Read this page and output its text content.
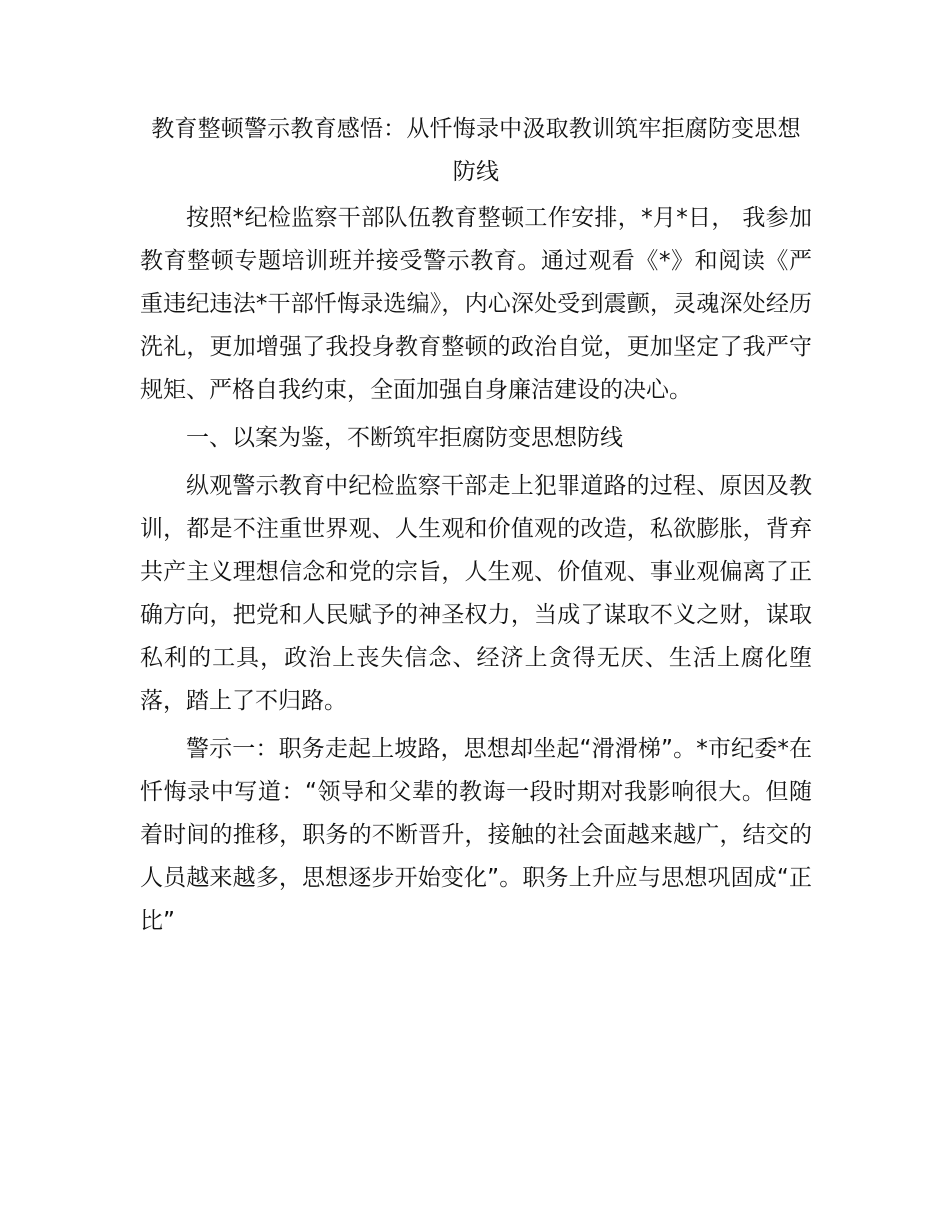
教育整顿警示教育感悟：从忏悔录中汲取教训筑牢拒腐防变思想防线

按照*纪检监察干部队伍教育整顿工作安排，*月*日， 我参加教育整顿专题培训班并接受警示教育。通过观看《*》和阅读《严重违纪违法*干部忏悔录选编》，内心深处受到震颤，灵魂深处经历洗礼，更加增强了我投身教育整顿的政治自觉，更加坚定了我严守规矩、严格自我约束，全面加强自身廉洁建设的决心。

一、以案为鉴，不断筑牢拒腐防变思想防线

纵观警示教育中纪检监察干部走上犯罪道路的过程、原因及教训，都是不注重世界观、人生观和价值观的改造，私欲膨胀，背弃共产主义理想信念和党的宗旨，人生观、价值观、事业观偏离了正确方向，把党和人民赋予的神圣权力，当成了谋取不义之财，谋取私利的工具，政治上丧失信念、经济上贪得无厌、生活上腐化堕落，踏上了不归路。

警示一：职务走起上坡路，思想却坐起“滑滑梯”。*市纪委*在忏悔录中写道：“领导和父辈的教诲一段时期对我影响很大。但随着时间的推移，职务的不断晋升，接触的社会面越来越广，结交的人员越来越多，思想逐步开始变化”。职务上升应与思想巩固成“正比”
